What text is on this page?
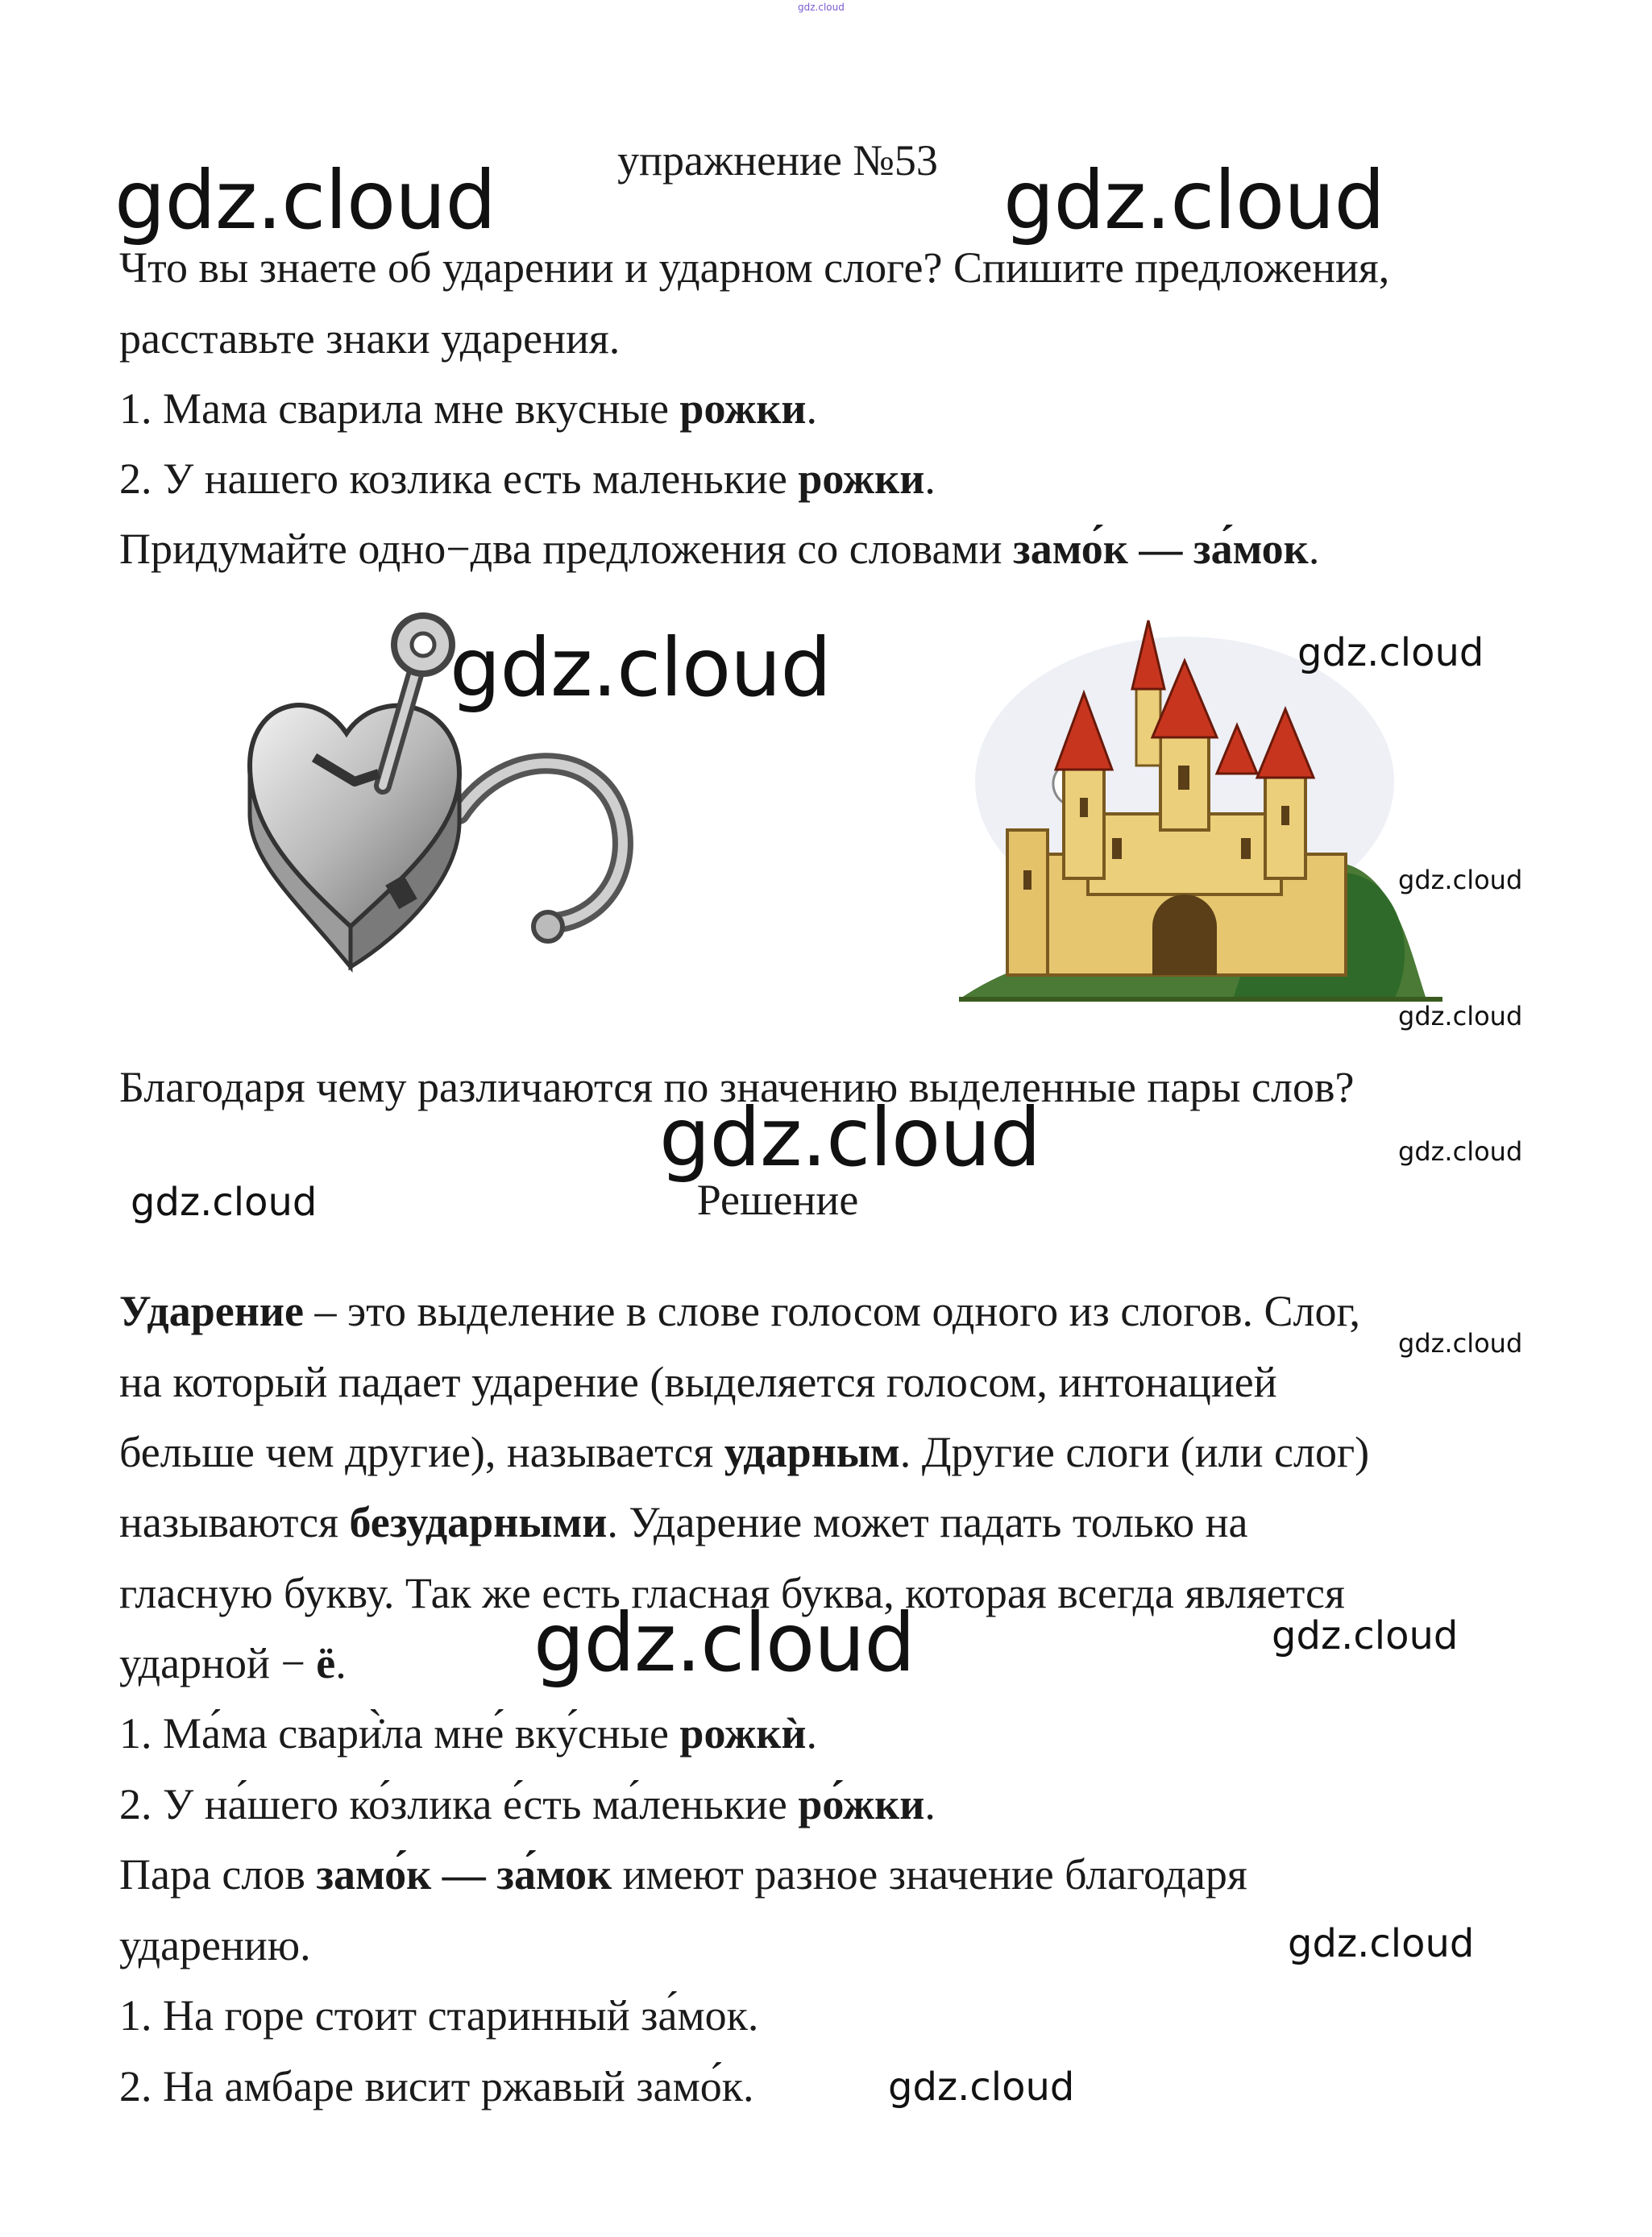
gdz.cloud
упражнение №53
Что вы знаете об ударении и ударном слоге? Спишите предложения,
расставьте знаки ударения.
1. Мама сварила мне вкусные рожки.
2. У нашего козлика есть маленькие рожки.
Придумайте одно−два предложения со словами замо́к — за́мок.
Благодаря чему различаются по значению выделенные пары слов?
Решение
Ударение – это выделение в слове голосом одного из слогов. Слог,
на который падает ударение (выделяется голосом, интонацией
бельше чем другие), называется ударным. Другие слоги (или слог)
называются безударными. Ударение может падать только на
гласную букву. Так же есть гласная буква, которая всегда является
ударной − ё.
1. Ма́ма свари̇̀ла мне́ вку́сные рожкѝ.
2. У на́шего ко́злика е́сть ма́ленькие ро́жки.
Пара слов замо́к — за́мок имеют разное значение благодаря
ударению.
1. На горе стоит старинный за́мок.
2. На амбаре висит ржавый замо́к.
gdz.cloud	gdz.cloud
gdz.cloud	gdz.cloud
gdz.cloud
gdz.cloud
gdz.cloud	gdz.cloud
gdz.cloud
gdz.cloud
gdz.cloud	gdz.cloud
gdz.cloud
gdz.cloud
